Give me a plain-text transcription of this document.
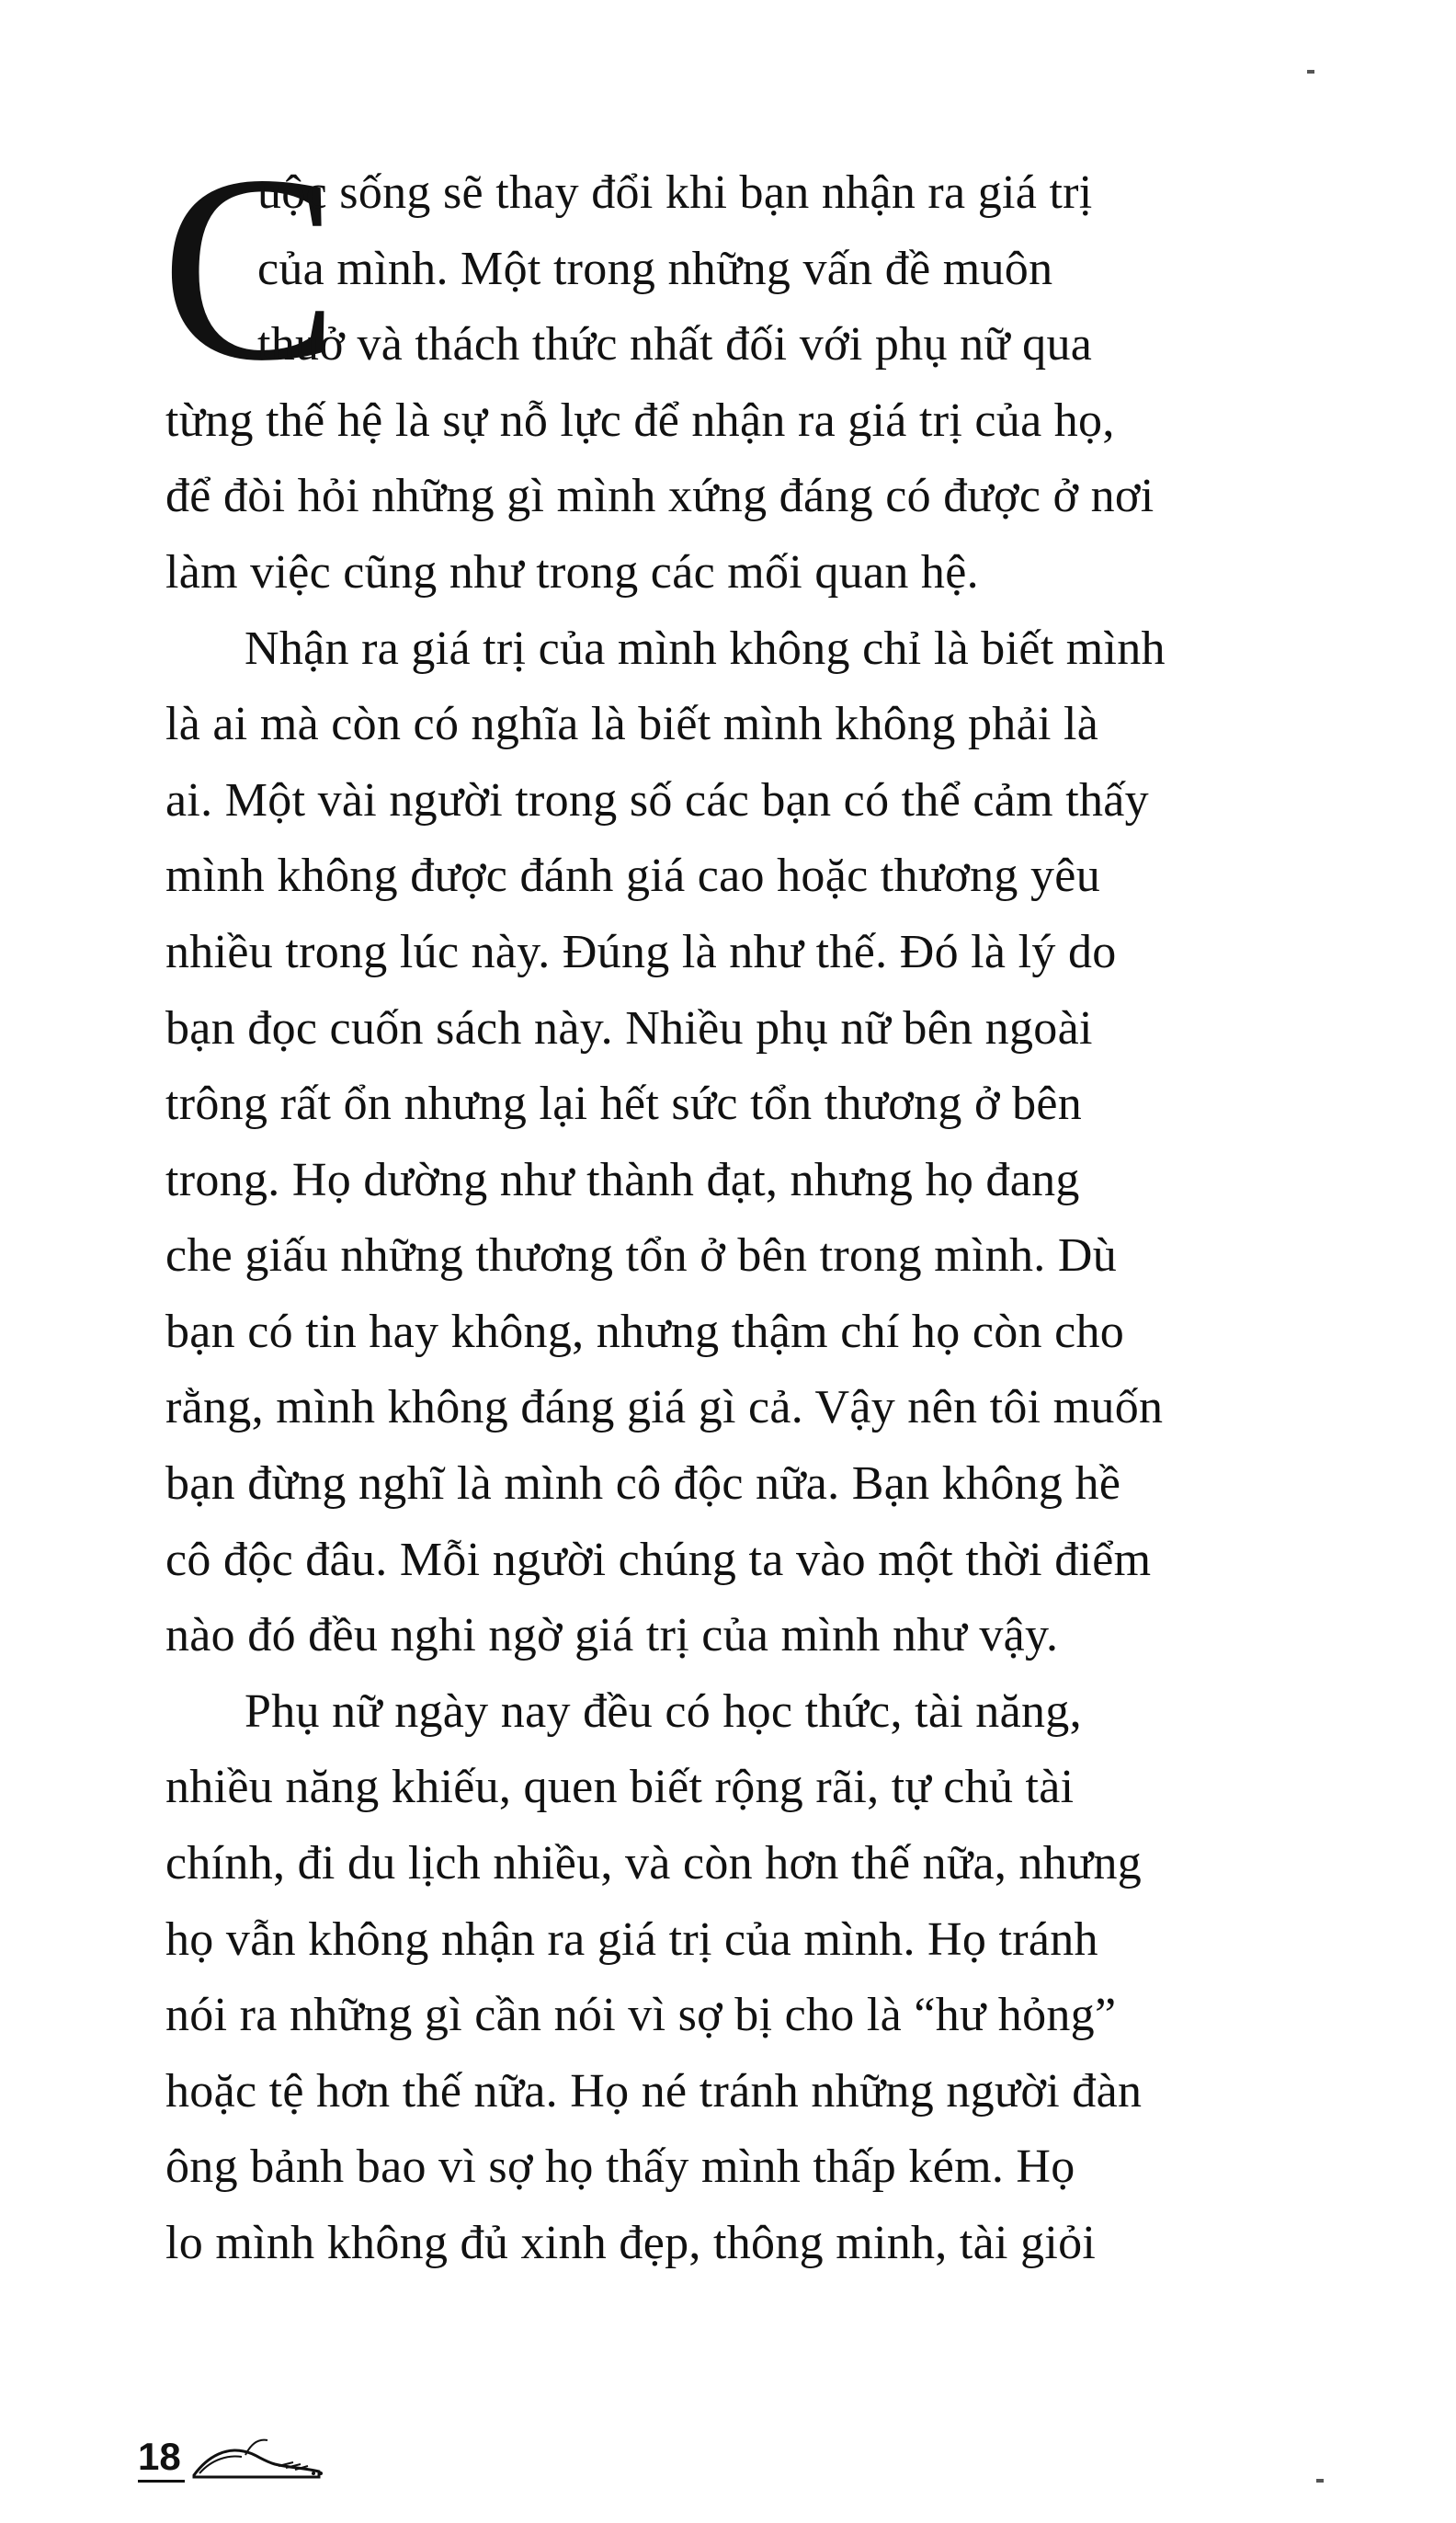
C
uộc sống sẽ thay đổi khi bạn nhận ra giá trị
của mình. Một trong những vấn đề muôn
thuở và thách thức nhất đối với phụ nữ qua
từng thế hệ là sự nỗ lực để nhận ra giá trị của họ,
để đòi hỏi những gì mình xứng đáng có được ở nơi
làm việc cũng như trong các mối quan hệ.
Nhận ra giá trị của mình không chỉ là biết mình
là ai mà còn có nghĩa là biết mình không phải là
ai. Một vài người trong số các bạn có thể cảm thấy
mình không được đánh giá cao hoặc thương yêu
nhiều trong lúc này. Đúng là như thế. Đó là lý do
bạn đọc cuốn sách này. Nhiều phụ nữ bên ngoài
trông rất ổn nhưng lại hết sức tổn thương ở bên
trong. Họ dường như thành đạt, nhưng họ đang
che giấu những thương tổn ở bên trong mình. Dù
bạn có tin hay không, nhưng thậm chí họ còn cho
rằng, mình không đáng giá gì cả. Vậy nên tôi muốn
bạn đừng nghĩ là mình cô độc nữa. Bạn không hề
cô độc đâu. Mỗi người chúng ta vào một thời điểm
nào đó đều nghi ngờ giá trị của mình như vậy.
Phụ nữ ngày nay đều có học thức, tài năng,
nhiều năng khiếu, quen biết rộng rãi, tự chủ tài
chính, đi du lịch nhiều, và còn hơn thế nữa, nhưng
họ vẫn không nhận ra giá trị của mình. Họ tránh
nói ra những gì cần nói vì sợ bị cho là “hư hỏng”
hoặc tệ hơn thế nữa. Họ né tránh những người đàn
ông bảnh bao vì sợ họ thấy mình thấp kém. Họ
lo mình không đủ xinh đẹp, thông minh, tài giỏi
18
